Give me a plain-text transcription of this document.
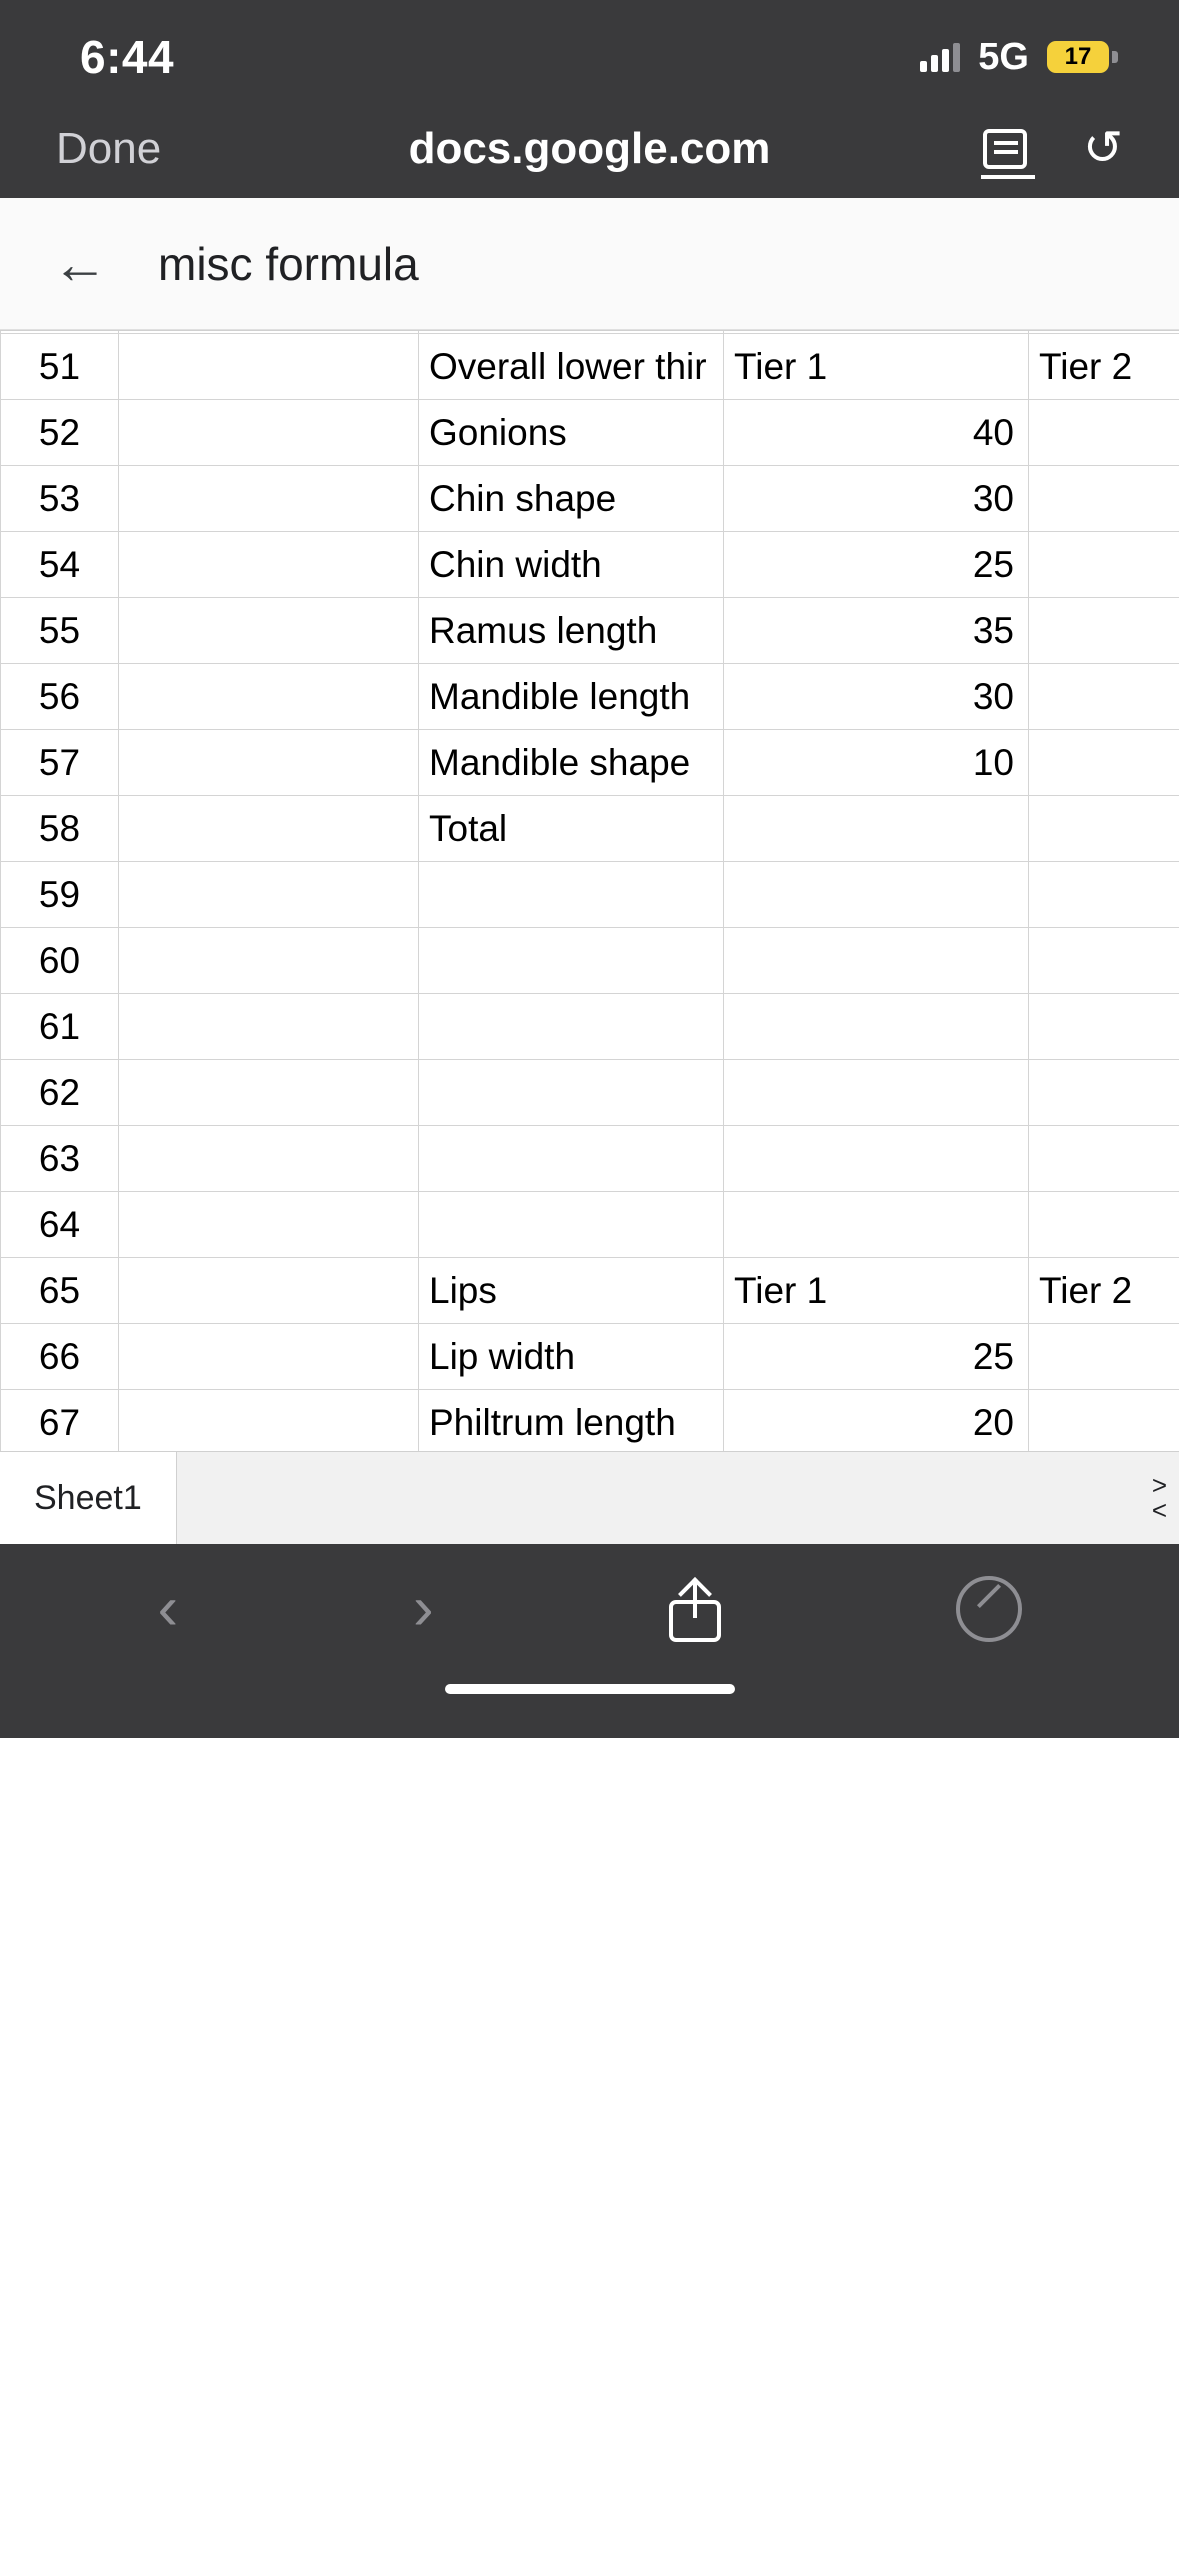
6:44	5G 17
Done	docs.google.com	↻
←	misc formula

51		Overall lower thir	Tier 1	Tier 2
52		Gonions	40	
53		Chin shape	30	
54		Chin width	25	
55		Ramus length	35	
56		Mandible length	30	
57		Mandible shape	10	
58		Total		
59				
60				
61				
62				
63				
64				
65		Lips	Tier 1	Tier 2
66		Lip width	25	
67		Philtrum length	20	

Sheet1	>
<
‹	›
